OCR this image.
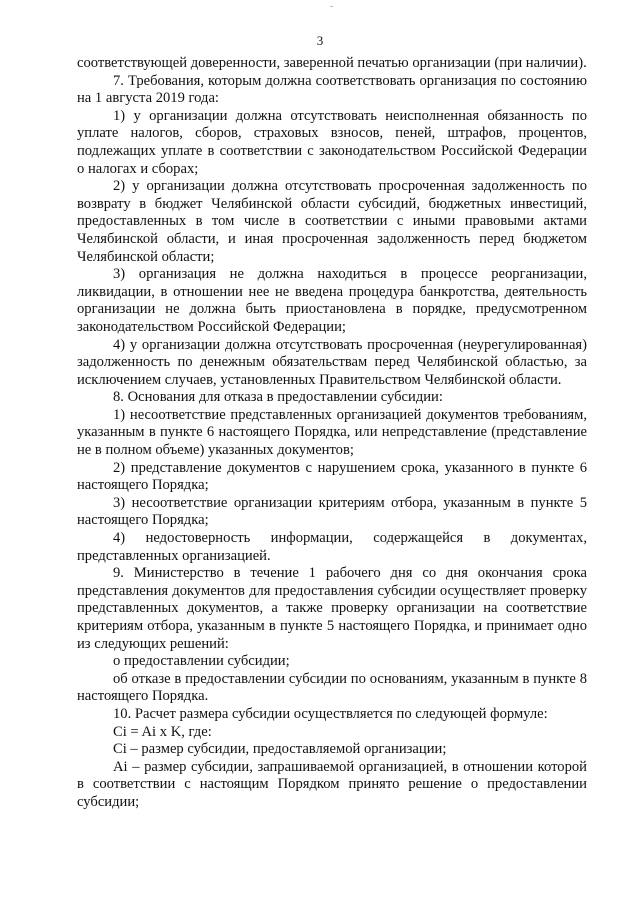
3

соответствующей доверенности, заверенной печатью организации (при наличии).

7. Требования, которым должна соответствовать организация по состоянию на 1 августа 2019 года:

1) у организации должна отсутствовать неисполненная обязанность по уплате налогов, сборов, страховых взносов, пеней, штрафов, процентов, подлежащих уплате в соответствии с законодательством Российской Федерации о налогах и сборах;

2) у организации должна отсутствовать просроченная задолженность по возврату в бюджет Челябинской области субсидий, бюджетных инвестиций, предоставленных в том числе в соответствии с иными правовыми актами Челябинской области, и иная просроченная задолженность перед бюджетом Челябинской области;

3) организация не должна находиться в процессе реорганизации, ликвидации, в отношении нее не введена процедура банкротства, деятельность организации не должна быть приостановлена в порядке, предусмотренном законодательством Российской Федерации;

4) у организации должна отсутствовать просроченная (неурегулированная) задолженность по денежным обязательствам перед Челябинской областью, за исключением случаев, установленных Правительством Челябинской области.

8. Основания для отказа в предоставлении субсидии:

1) несоответствие представленных организацией документов требованиям, указанным в пункте 6 настоящего Порядка, или непредставление (представление не в полном объеме) указанных документов;

2) представление документов с нарушением срока, указанного в пункте 6 настоящего Порядка;

3) несоответствие организации критериям отбора, указанным в пункте 5 настоящего Порядка;

4) недостоверность информации, содержащейся в документах, представленных организацией.

9. Министерство в течение 1 рабочего дня со дня окончания срока представления документов для предоставления субсидии осуществляет проверку представленных документов, а также проверку организации на соответствие критериям отбора, указанным в пункте 5 настоящего Порядка, и принимает одно из следующих решений:

о предоставлении субсидии;

об отказе в предоставлении субсидии по основаниям, указанным в пункте 8 настоящего Порядка.

10. Расчет размера субсидии осуществляется по следующей формуле:

Ci = Ai x K, где:

Ci – размер субсидии, предоставляемой организации;

Ai – размер субсидии, запрашиваемой организацией, в отношении которой в соответствии с настоящим Порядком принято решение о предоставлении субсидии;
